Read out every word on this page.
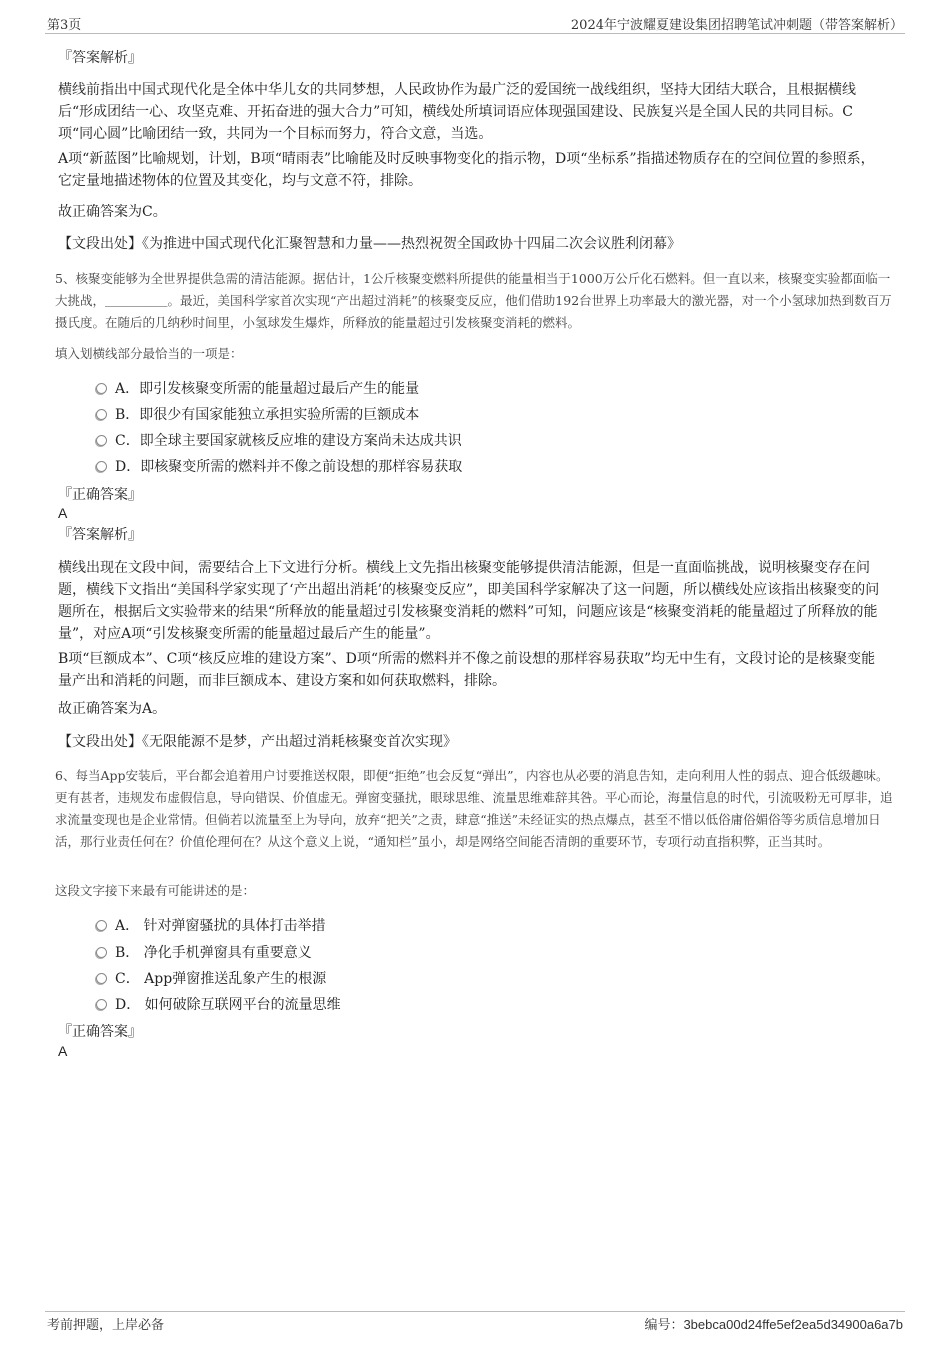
第3页	2024年宁波耀夏建设集团招聘笔试冲刺题（带答案解析）
『答案解析』

横线前指出中国式现代化是全体中华儿女的共同梦想，人民政协作为最广泛的爱国统一战线组织，坚持大团结大联合，且根据横线后“形成团结一心、攻坚克难、开拓奋进的强大合力”可知，横线处所填词语应体现强国建设、民族复兴是全国人民的共同目标。C项“同心圆”比喻团结一致，共同为一个目标而努力，符合文意，当选。

A项“新蓝图”比喻规划，计划，B项“晴雨表”比喻能及时反映事物变化的指示物，D项“坐标系”指描述物质存在的空间位置的参照系，它定量地描述物体的位置及其变化，均与文意不符，排除。

故正确答案为C。
【文段出处】《为推进中国式现代化汇聚智慧和力量——热烈祝贺全国政协十四届二次会议胜利闭幕》

5、核聚变能够为全世界提供急需的清洁能源。据估计，1公斤核聚变燃料所提供的能量相当于1000万公斤化石燃料。但一直以来，核聚变实验都面临一大挑战，＿＿＿＿＿。最近，美国科学家首次实现“产出超过消耗”的核聚变反应，他们借助192台世界上功率最大的激光器，对一个小氢球加热到数百万摄氏度。在随后的几纳秒时间里，小氢球发生爆炸，所释放的能量超过引发核聚变消耗的燃料。

填入划横线部分最恰当的一项是：
A．即引发核聚变所需的能量超过最后产生的能量
B．即很少有国家能独立承担实验所需的巨额成本
C．即全球主要国家就核反应堆的建设方案尚未达成共识
D．即核聚变所需的燃料并不像之前设想的那样容易获取
『正确答案』
A
『答案解析』

横线出现在文段中间，需要结合上下文进行分析。横线上文先指出核聚变能够提供清洁能源，但是一直面临挑战，说明核聚变存在问题，横线下文指出“美国科学家实现了‘产出超出消耗’的核聚变反应”，即美国科学家解决了这一问题，所以横线处应该指出核聚变的问题所在，根据后文实验带来的结果“所释放的能量超过引发核聚变消耗的燃料”可知，问题应该是“核聚变消耗的能量超过了所释放的能量”，对应A项“引发核聚变所需的能量超过最后产生的能量”。

B项“巨额成本”、C项“核反应堆的建设方案”、D项“所需的燃料并不像之前设想的那样容易获取”均无中生有，文段讨论的是核聚变能量产出和消耗的问题，而非巨额成本、建设方案和如何获取燃料，排除。

故正确答案为A。
【文段出处】《无限能源不是梦，产出超过消耗核聚变首次实现》

6、每当App安装后，平台都会追着用户讨要推送权限，即便“拒绝”也会反复“弹出”，内容也从必要的消息告知，走向利用人性的弱点、迎合低级趣味。更有甚者，违规发布虚假信息，导向错误、价值虚无。弹窗变骚扰，眼球思维、流量思维难辞其咎。平心而论，海量信息的时代，引流吸粉无可厚非，追求流量变现也是企业常情。但倘若以流量至上为导向，放弃“把关”之责，肆意“推送”未经证实的热点爆点，甚至不惜以低俗庸俗媚俗等劣质信息增加日活，那行业责任何在？价值伦理何在？从这个意义上说，“通知栏”虽小，却是网络空间能否清朗的重要环节，专项行动直指积弊，正当其时。

这段文字接下来最有可能讲述的是：
A． 针对弹窗骚扰的具体打击举措
B． 净化手机弹窗具有重要意义
C． App弹窗推送乱象产生的根源
D． 如何破除互联网平台的流量思维
『正确答案』
A
考前押题，上岸必备	编号：3bebca00d24ffe5ef2ea5d34900a6a7b
